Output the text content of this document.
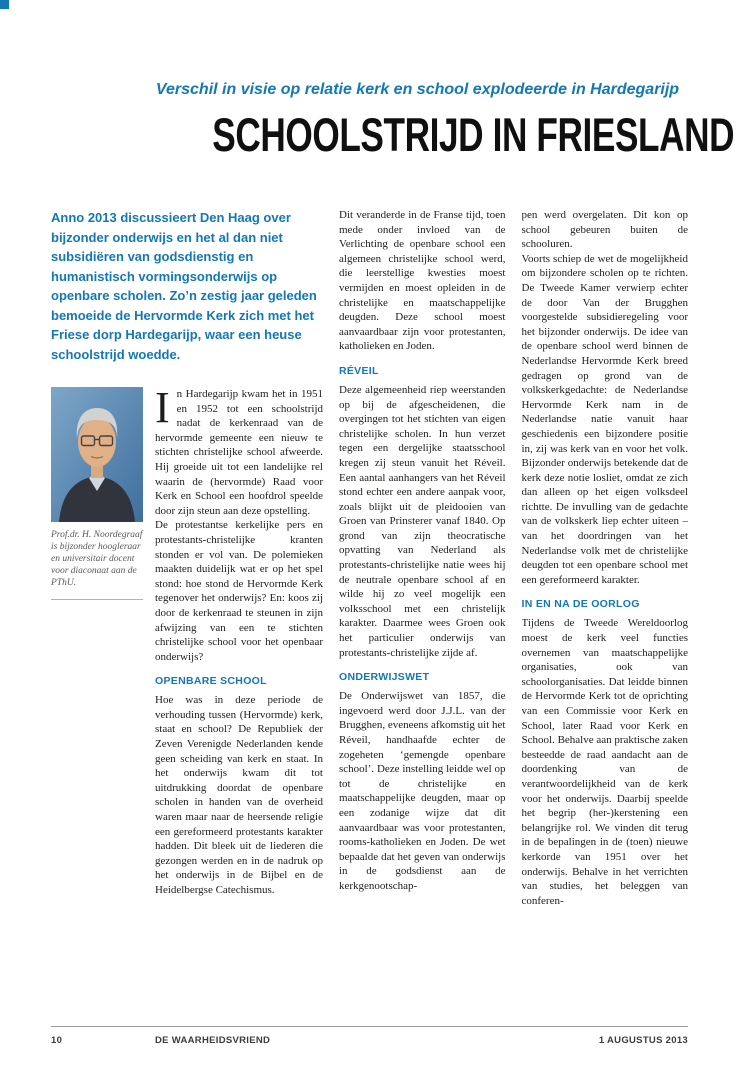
Verschil in visie op relatie kerk en school explodeerde in Hardegarijp
SCHOOLSTRIJD IN FRIESLAND

Anno 2013 discussieert Den Haag over bijzonder onderwijs en het al dan niet subsidiëren van godsdienstig en humanistisch vormingsonderwijs op openbare scholen. Zo’n zestig jaar geleden bemoeide de Hervormde Kerk zich met het Friese dorp Hardegarijp, waar een heuse schoolstrijd woedde.

Prof.dr. H. Noordegraaf is bijzonder hoogleraar en universitair docent voor diaconaat aan de PThU.

In Hardegarijp kwam het in 1951 en 1952 tot een schoolstrijd nadat de kerkenraad van de hervormde gemeente een nieuw te stichten christelijke school afweerde. Hij groeide uit tot een landelijke rel waarin de (hervormde) Raad voor Kerk en School een hoofdrol speelde door zijn steun aan deze opstelling.

De protestantse kerkelijke pers en protestants-christelijke kranten stonden er vol van. De polemieken maakten duidelijk wat er op het spel stond: hoe stond de Hervormde Kerk tegenover het onderwijs? En: koos zij door de kerkenraad te steunen in zijn afwijzing van een te stichten christelijke school voor het openbaar onderwijs?

OPENBARE SCHOOL

Hoe was in deze periode de verhouding tussen (Hervormde) kerk, staat en school? De Republiek der Zeven Verenigde Nederlanden kende geen scheiding van kerk en staat. In het onderwijs kwam dit tot uitdrukking doordat de openbare scholen in handen van de overheid waren maar naar de heersende religie een gereformeerd protestants karakter hadden. Dit bleek uit de liederen die gezongen werden en in de nadruk op het onderwijs in de Bijbel en de Heidelbergse Catechismus.

Dit veranderde in de Franse tijd, toen mede onder invloed van de Verlichting de openbare school een algemeen christelijke school werd, die leerstellige kwesties moest vermijden en moest opleiden in de christelijke en maatschappelijke deugden. Deze school moest aanvaardbaar zijn voor protestanten, katholieken en Joden.

RÉVEIL

Deze algemeenheid riep weerstanden op bij de afgescheidenen, die overgingen tot het stichten van eigen christelijke scholen. In hun verzet tegen een dergelijke staatsschool kregen zij steun vanuit het Réveil. Een aantal aanhangers van het Réveil stond echter een andere aanpak voor, zoals blijkt uit de pleidooien van Groen van Prinsterer vanaf 1840. Op grond van zijn theocratische opvatting van Nederland als protestants-christelijke natie wees hij de neutrale openbare school af en wilde hij zo veel mogelijk een volksschool met een christelijk karakter. Daarmee wees Groen ook het particulier onderwijs van protestants-christelijke zijde af.

ONDERWIJSWET

De Onderwijswet van 1857, die ingevoerd werd door J.J.L. van der Brugghen, eveneens afkomstig uit het Réveil, handhaafde echter de zogeheten ‘gemengde openbare school’. Deze instelling leidde wel op tot de christelijke en maatschappelijke deugden, maar op een zodanige wijze dat dit aanvaardbaar was voor protestanten, rooms-katholieken en Joden. De wet bepaalde dat het geven van onderwijs in de godsdienst aan de kerkgenootschap-

pen werd overgelaten. Dit kon op school gebeuren buiten de schooluren.

Voorts schiep de wet de mogelijkheid om bijzondere scholen op te richten. De Tweede Kamer verwierp echter de door Van der Brugghen voorgestelde subsidieregeling voor het bijzonder onderwijs. De idee van de openbare school werd binnen de Nederlandse Hervormde Kerk breed gedragen op grond van de volkskerkgedachte: de Nederlandse Hervormde Kerk nam in de Nederlandse natie vanuit haar geschiedenis een bijzondere positie in, zij was kerk van en voor het volk. Bijzonder onderwijs betekende dat de kerk deze notie losliet, omdat ze zich dan alleen op het eigen volksdeel richtte. De invulling van de gedachte van de volkskerk liep echter uiteen – van het doordringen van het Nederlandse volk met de christelijke deugden tot een openbare school met een gereformeerd karakter.

IN EN NA DE OORLOG

Tijdens de Tweede Wereldoorlog moest de kerk veel functies overnemen van maatschappelijke organisaties, ook van schoolorganisaties. Dat leidde binnen de Hervormde Kerk tot de oprichting van een Commissie voor Kerk en School, later Raad voor Kerk en School. Behalve aan praktische zaken besteedde de raad aandacht aan de doordenking van de verantwoordelijkheid van de kerk voor het onderwijs. Daarbij speelde het begrip (her-)kerstening een belangrijke rol. We vinden dit terug in de bepalingen in de (toen) nieuwe kerkorde van 1951 over het onderwijs. Behalve in het verrichten van studies, het beleggen van conferen-

10	DE WAARHEIDSVRIEND	1 AUGUSTUS 2013
